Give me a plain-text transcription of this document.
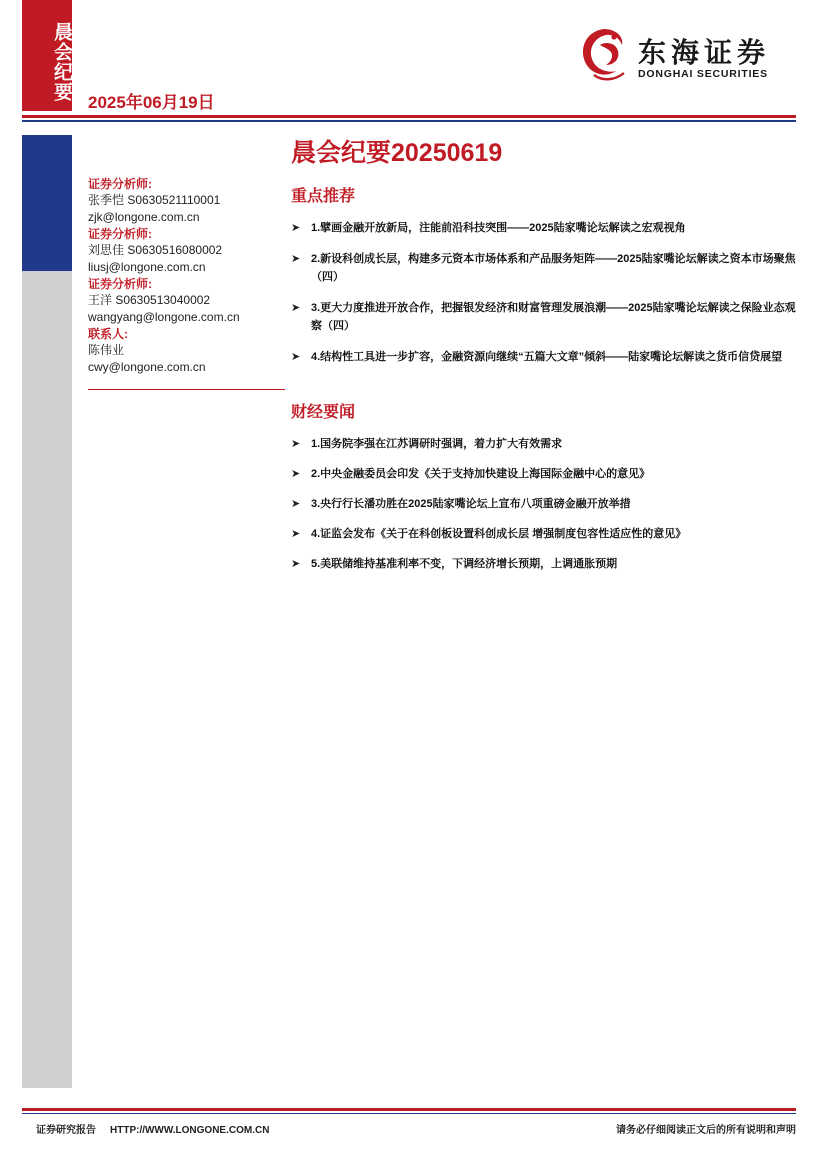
晨会纪要
2025年06月19日
东海证券
DONGHAI SECURITIES
晨会纪要20250619
证券分析师:
张季恺 S0630521110001
zjk@longone.com.cn
证券分析师:
刘思佳 S0630516080002
liusj@longone.com.cn
证券分析师:
王洋 S0630513040002
wangyang@longone.com.cn
联系人:
陈伟业
cwy@longone.com.cn
重点推荐
➤ 1.擘画金融开放新局，注能前沿科技突围——2025陆家嘴论坛解读之宏观视角
➤ 2.新设科创成长层，构建多元资本市场体系和产品服务矩阵——2025陆家嘴论坛解读之资本市场聚焦（四）
➤ 3.更大力度推进开放合作，把握银发经济和财富管理发展浪潮——2025陆家嘴论坛解读之保险业态观察（四）
➤ 4.结构性工具进一步扩容，金融资源向继续“五篇大文章”倾斜——陆家嘴论坛解读之货币信贷展望
财经要闻
➤ 1.国务院李强在江苏调研时强调，着力扩大有效需求
➤ 2.中央金融委员会印发《关于支持加快建设上海国际金融中心的意见》
➤ 3.央行行长潘功胜在2025陆家嘴论坛上宣布八项重磅金融开放举措
➤ 4.证监会发布《关于在科创板设置科创成长层 增强制度包容性适应性的意见》
➤ 5.美联储维持基准利率不变，下调经济增长预期，上调通胀预期
证券研究报告 HTTP://WWW.LONGONE.COM.CN	请务必仔细阅读正文后的所有说明和声明
